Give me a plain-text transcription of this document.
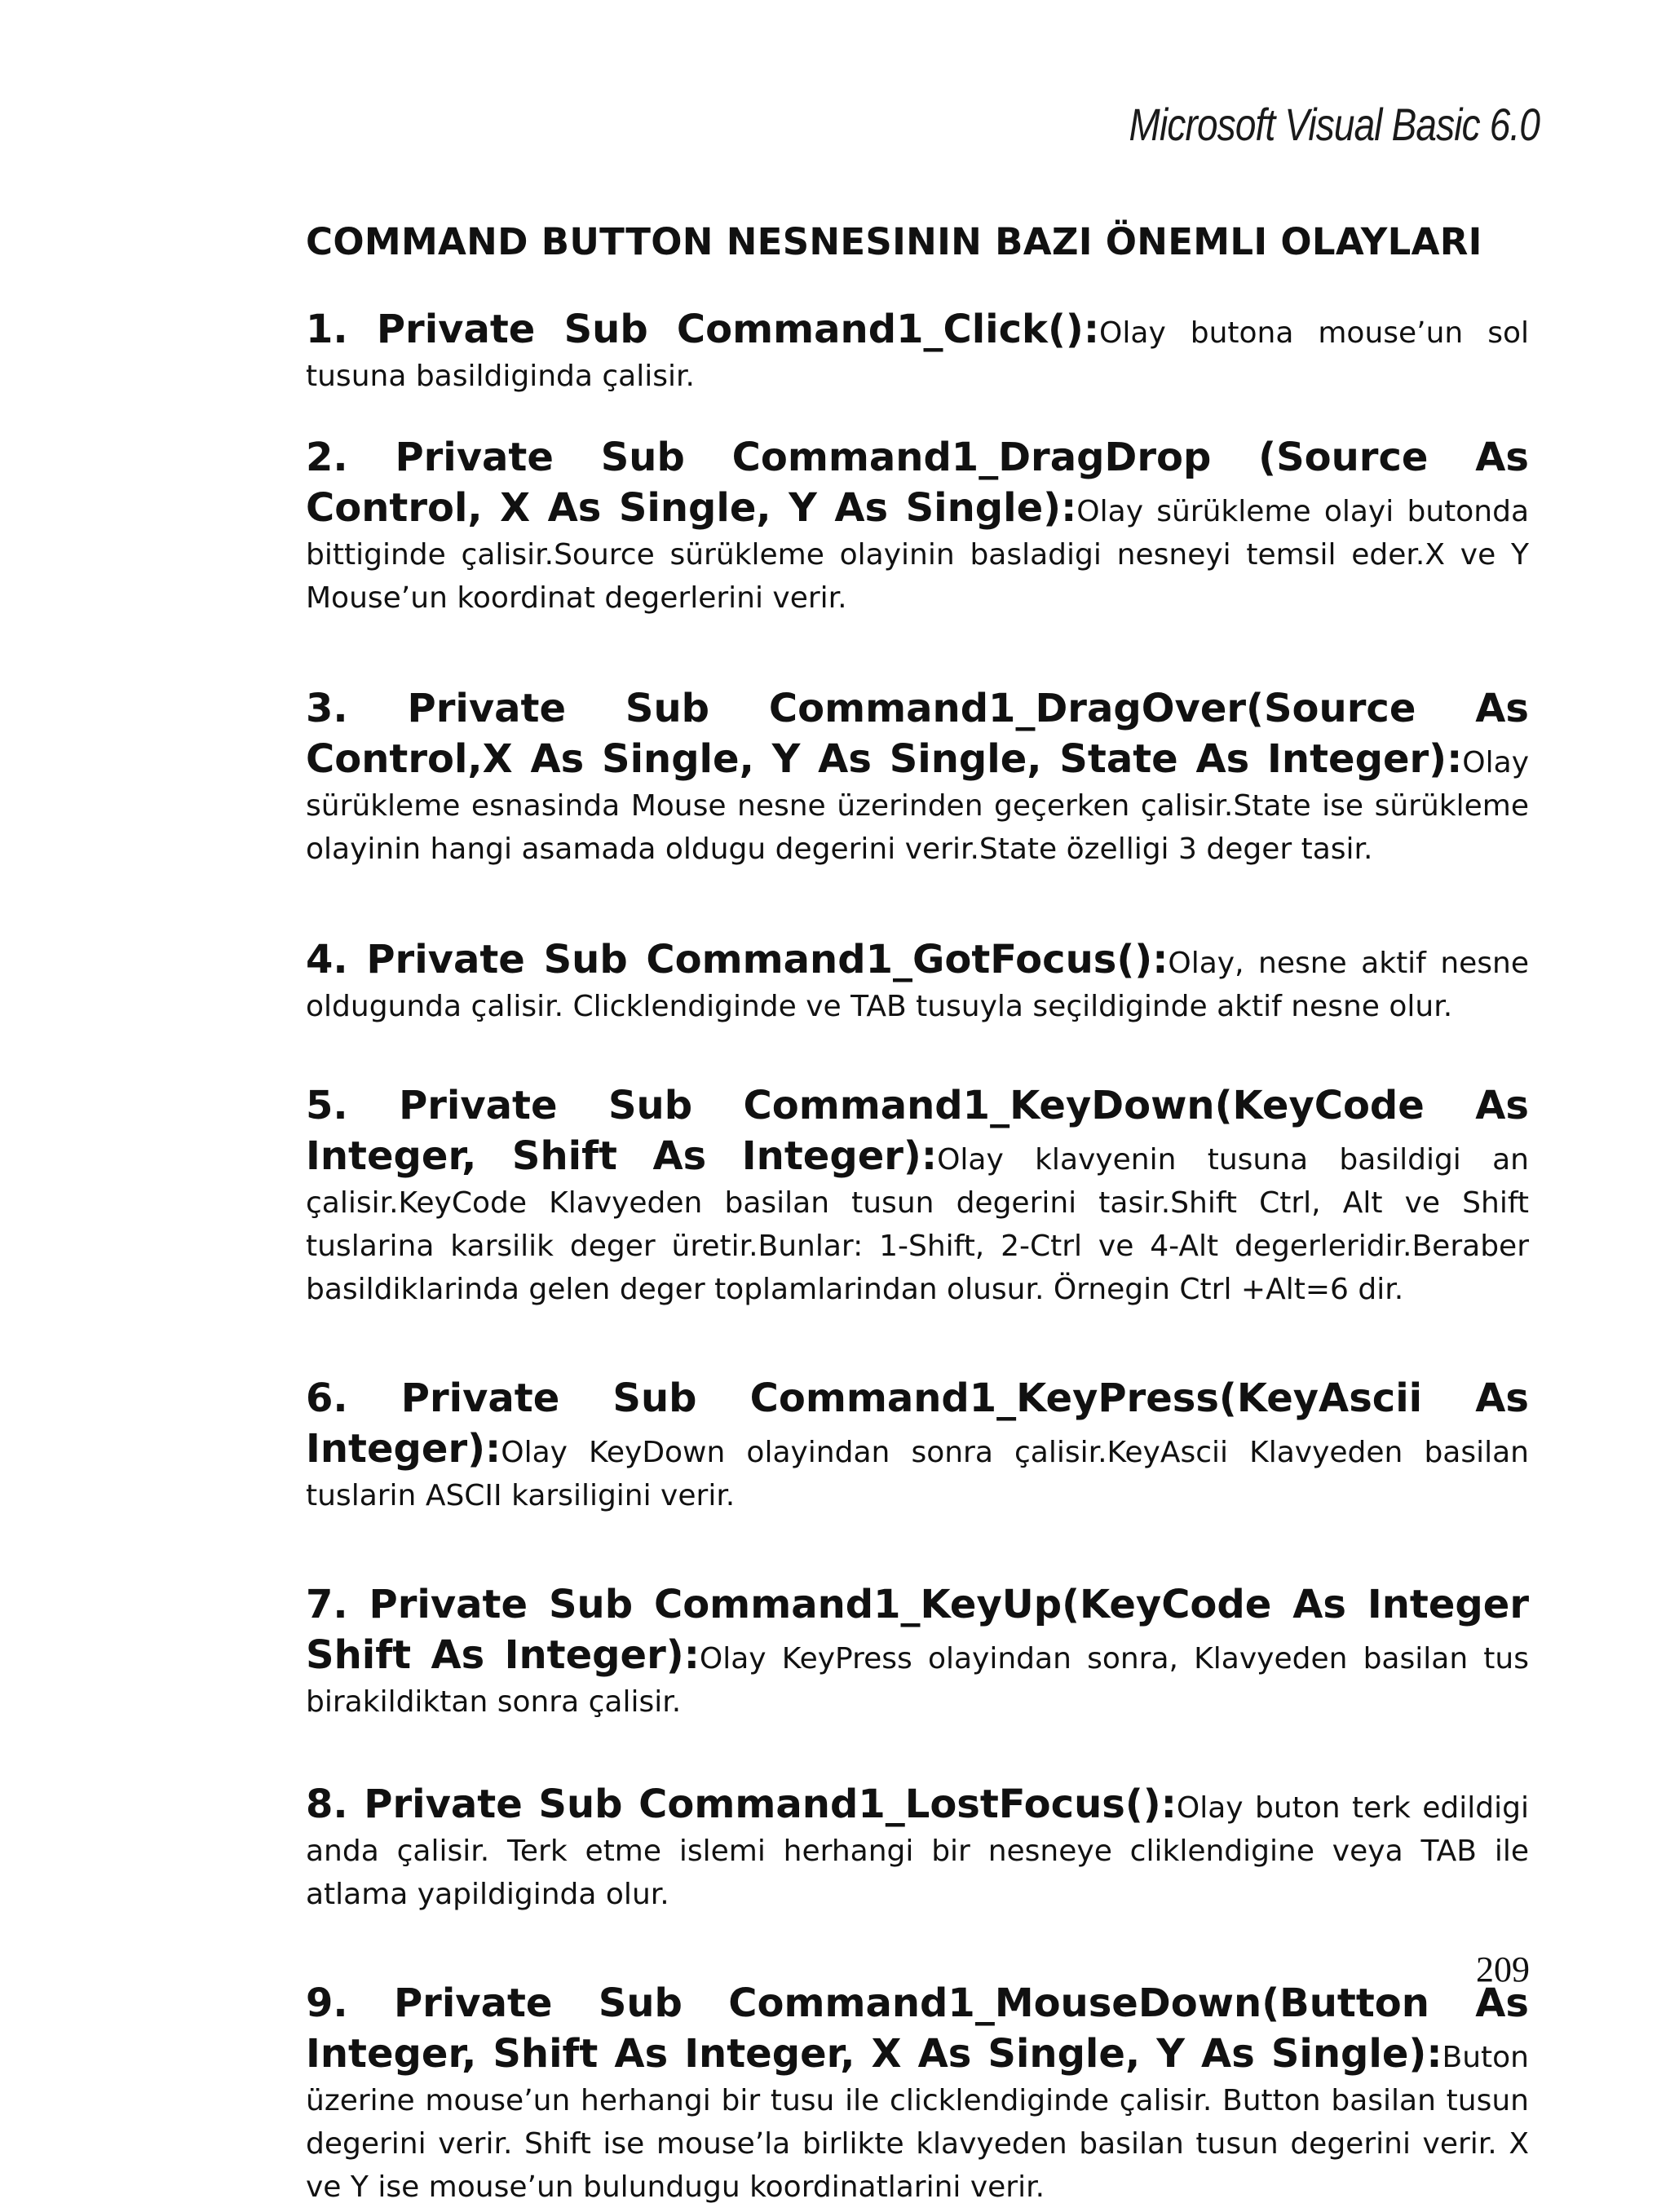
Microsoft Visual Basic 6.0
COMMAND BUTTON NESNESININ BAZI ÖNEMLI OLAYLARI

1. Private Sub Command1_Click():Olay butona mouse’un sol tusuna basildiginda çalisir.

2. Private Sub Command1_DragDrop (Source As Control, X As Single, Y As Single):Olay sürükleme olayi butonda bittiginde çalisir.Source sürükleme olayinin basladigi nesneyi temsil eder.X ve Y Mouse’un koordinat degerlerini verir.

3. Private Sub Command1_DragOver(Source As Control,X As Single, Y As Single, State As Integer):Olay sürükleme esnasinda Mouse nesne üzerinden geçerken çalisir.State ise sürükleme olayinin hangi asamada oldugu degerini verir.State özelligi 3 deger tasir.

4. Private Sub Command1_GotFocus():Olay, nesne aktif nesne oldugunda çalisir. Clicklendiginde ve TAB tusuyla seçildiginde aktif nesne olur.

5. Private Sub Command1_KeyDown(KeyCode As Integer, Shift As Integer):Olay klavyenin tusuna basildigi an çalisir.KeyCode Klavyeden basilan tusun degerini tasir.Shift Ctrl, Alt ve Shift tuslarina karsilik deger üretir.Bunlar: 1-Shift, 2-Ctrl ve 4-Alt degerleridir.Beraber basildiklarinda gelen deger toplamlarindan olusur. Örnegin Ctrl +Alt=6 dir.

6. Private Sub Command1_KeyPress(KeyAscii As Integer):Olay KeyDown olayindan sonra çalisir.KeyAscii Klavyeden basilan tuslarin ASCII karsiligini verir.

7. Private Sub Command1_KeyUp(KeyCode As Integer Shift As Integer):Olay KeyPress olayindan sonra, Klavyeden basilan tus birakildiktan sonra çalisir.

8. Private Sub Command1_LostFocus():Olay buton terk edildigi anda çalisir. Terk etme islemi herhangi bir nesneye cliklendigine veya TAB ile atlama yapildiginda olur.

9. Private Sub Command1_MouseDown(Button As Integer, Shift As Integer, X As Single, Y As Single):Buton üzerine mouse’un herhangi bir tusu ile clicklendiginde çalisir. Button basilan tusun degerini verir. Shift ise mouse’la birlikte klavyeden basilan tusun degerini verir. X ve Y ise mouse’un bulundugu koordinatlarini verir.

209
